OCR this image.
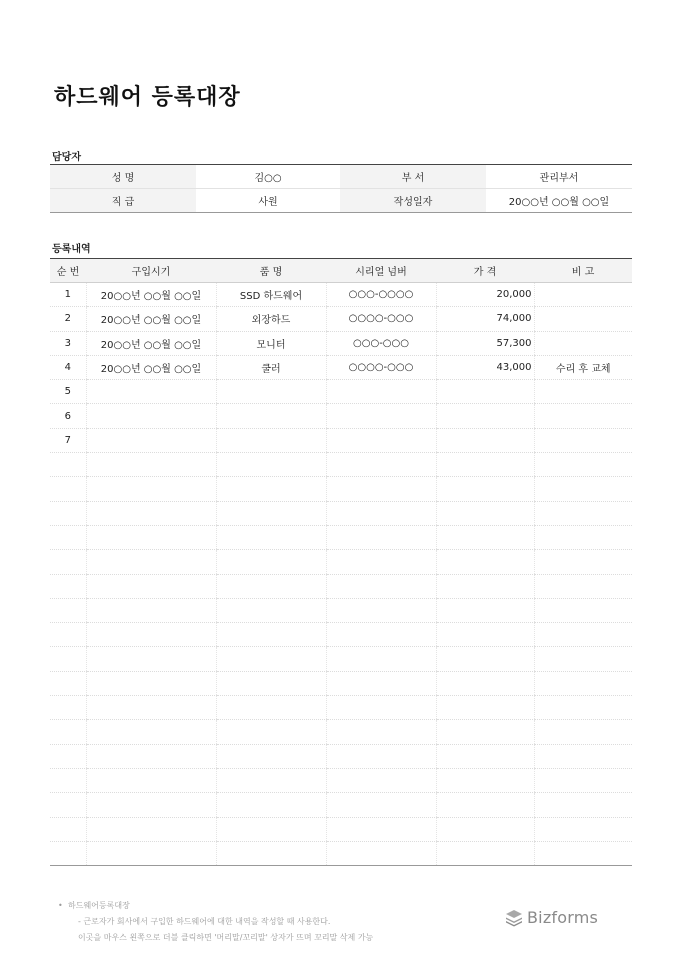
하드웨어 등록대장
담당자
성 명	김○○	부 서	관리부서
직 급	사원	작성일자	20○○년 ○○월 ○○일
등록내역
순 번	구입시기	품 명	시리얼 넘버	가 격	비 고
1	20○○년 ○○월 ○○일	SSD 하드웨어	○○○-○○○○	20,000	
2	20○○년 ○○월 ○○일	외장하드	○○○○-○○○	74,000	
3	20○○년 ○○월 ○○일	모니터	○○○-○○○	57,300	
4	20○○년 ○○월 ○○일	쿨러	○○○○-○○○	43,000	수리 후 교체
5					
6					
7					

• 하드웨어등록대장
- 근로자가 회사에서 구입한 하드웨어에 대한 내역을 작성할 때 사용한다.
이곳을 마우스 왼쪽으로 더블 클릭하면 '머리말/꼬리말' 상자가 뜨며 꼬리말 삭제 가능
Bizforms
